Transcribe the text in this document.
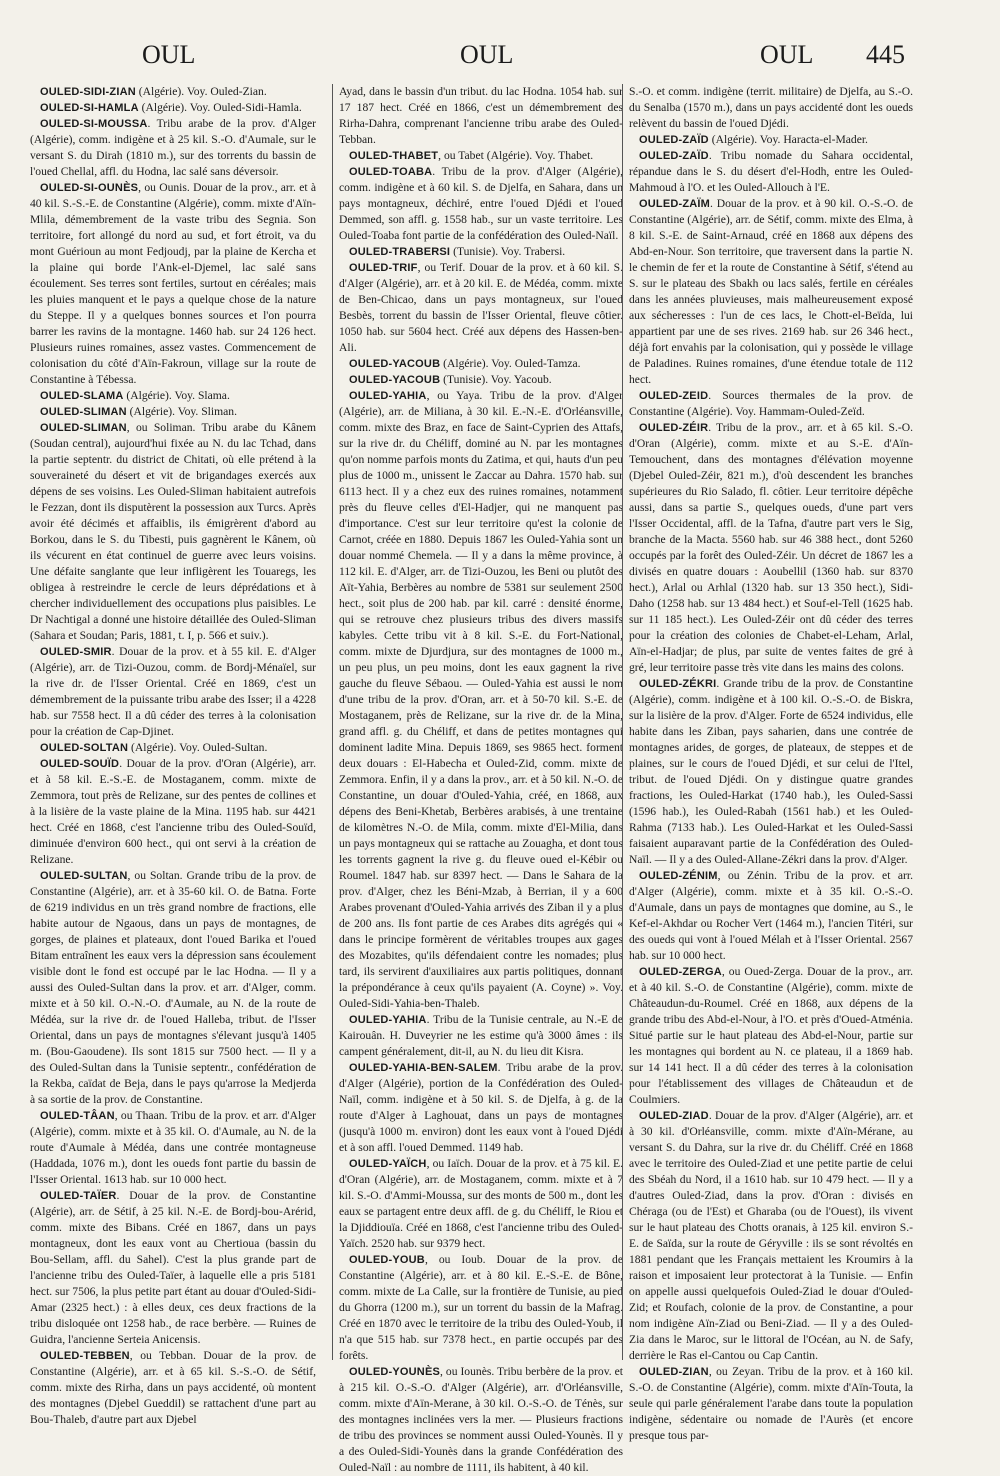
OUL	OUL	OUL 445

OULED-SIDI-ZIAN (Algérie). Voy. Ouled-Zian.

OULED-SI-HAMLA (Algérie). Voy. Ouled-Sidi-Hamla.

OULED-SI-MOUSSA. Tribu arabe de la prov. d'Alger (Algérie), comm. indigène et à 25 kil. S.-O. d'Aumale, sur le versant S. du Dirah (1810 m.), sur des torrents du bassin de l'oued Chellal, affl. du Hodna, lac salé sans déversoir.

OULED-SI-OUNÈS, ou Ounis. Douar de la prov., arr. et à 40 kil. S.-S.-E. de Constantine (Algérie), comm. mixte d'Aïn-Mlila, démembrement de la vaste tribu des Segnia. Son territoire, fort allongé du nord au sud, et fort étroit, va du mont Guérioun au mont Fedjoudj, par la plaine de Kercha et la plaine qui borde l'Ank-el-Djemel, lac salé sans écoulement. Ses terres sont fertiles, surtout en céréales; mais les pluies manquent et le pays a quelque chose de la nature du Steppe. Il y a quelques bonnes sources et l'on pourra barrer les ravins de la montagne. 1460 hab. sur 24 126 hect. Plusieurs ruines romaines, assez vastes. Commencement de colonisation du côté d'Aïn-Fakroun, village sur la route de Constantine à Tébessa.

OULED-SLAMA (Algérie). Voy. Slama.

OULED-SLIMAN (Algérie). Voy. Sliman.

OULED-SLIMAN, ou Soliman. Tribu arabe du Kânem (Soudan central), aujourd'hui fixée au N. du lac Tchad, dans la partie septentr. du district de Chitati, où elle prétend à la souveraineté du désert et vit de brigandages exercés aux dépens de ses voisins. Les Ouled-Sliman habitaient autrefois le Fezzan, dont ils disputèrent la possession aux Turcs. Après avoir été décimés et affaiblis, ils émigrèrent d'abord au Borkou, dans le S. du Tibesti, puis gagnèrent le Kânem, où ils vécurent en état continuel de guerre avec leurs voisins. Une défaite sanglante que leur infligèrent les Touaregs, les obligea à restreindre le cercle de leurs déprédations et à chercher individuellement des occupations plus paisibles. Le Dr Nachtigal a donné une histoire détaillée des Ouled-Sliman (Sahara et Soudan; Paris, 1881, t. I, p. 566 et suiv.).

OULED-SMIR. Douar de la prov. et à 55 kil. E. d'Alger (Algérie), arr. de Tizi-Ouzou, comm. de Bordj-Ménaïel, sur la rive dr. de l'Isser Oriental. Créé en 1869, c'est un démembrement de la puissante tribu arabe des Isser; il a 4228 hab. sur 7558 hect. Il a dû céder des terres à la colonisation pour la création de Cap-Djinet.

OULED-SOLTAN (Algérie). Voy. Ouled-Sultan.

OULED-SOUÏD. Douar de la prov. d'Oran (Algérie), arr. et à 58 kil. E.-S.-E. de Mostaganem, comm. mixte de Zemmora, tout près de Relizane, sur des pentes de collines et à la lisière de la vaste plaine de la Mina. 1195 hab. sur 4421 hect. Créé en 1868, c'est l'ancienne tribu des Ouled-Souïd, diminuée d'environ 600 hect., qui ont servi à la création de Relizane.

OULED-SULTAN, ou Soltan. Grande tribu de la prov. de Constantine (Algérie), arr. et à 35-60 kil. O. de Batna. Forte de 6219 individus en un très grand nombre de fractions, elle habite autour de Ngaous, dans un pays de montagnes, de gorges, de plaines et plateaux, dont l'oued Barika et l'oued Bitam entraînent les eaux vers la dépression sans écoulement visible dont le fond est occupé par le lac Hodna. — Il y a aussi des Ouled-Sultan dans la prov. et arr. d'Alger, comm. mixte et à 50 kil. O.-N.-O. d'Aumale, au N. de la route de Médéa, sur la rive dr. de l'oued Halleba, tribut. de l'Isser Oriental, dans un pays de montagnes s'élevant jusqu'à 1405 m. (Bou-Gaoudene). Ils sont 1815 sur 7500 hect. — Il y a des Ouled-Sultan dans la Tunisie septentr., confédération de la Rekba, caïdat de Beja, dans le pays qu'arrose la Medjerda à sa sortie de la prov. de Constantine.

OULED-TÂAN, ou Thaan. Tribu de la prov. et arr. d'Alger (Algérie), comm. mixte et à 35 kil. O. d'Aumale, au N. de la route d'Aumale à Médéa, dans une contrée montagneuse (Haddada, 1076 m.), dont les oueds font partie du bassin de l'Isser Oriental. 1613 hab. sur 10 000 hect.

OULED-TAÏER. Douar de la prov. de Constantine (Algérie), arr. de Sétif, à 25 kil. N.-E. de Bordj-bou-Arérid, comm. mixte des Bibans. Créé en 1867, dans un pays montagneux, dont les eaux vont au Chertioua (bassin du Bou-Sellam, affl. du Sahel). C'est la plus grande part de l'ancienne tribu des Ouled-Taïer, à laquelle elle a pris 5181 hect. sur 7506, la plus petite part étant au douar d'Ouled-Sidi-Amar (2325 hect.) : à elles deux, ces deux fractions de la tribu disloquée ont 1258 hab., de race berbère. — Ruines de Guidra, l'ancienne Serteia Anicensis.

OULED-TEBBEN, ou Tebban. Douar de la prov. de Constantine (Algérie), arr. et à 65 kil. S.-S.-O. de Sétif, comm. mixte des Rirha, dans un pays accidenté, où montent des montagnes (Djebel Gueddil) se rattachent d'une part au Bou-Thaleb, d'autre part aux Djebel

Ayad, dans le bassin d'un tribut. du lac Hodna. 1054 hab. sur 17 187 hect. Créé en 1866, c'est un démembrement des Rirha-Dahra, comprenant l'ancienne tribu arabe des Ouled-Tebban.

OULED-THABET, ou Tabet (Algérie). Voy. Thabet.

OULED-TOABA. Tribu de la prov. d'Alger (Algérie), comm. indigène et à 60 kil. S. de Djelfa, en Sahara, dans un pays montagneux, déchiré, entre l'oued Djédi et l'oued Demmed, son affl. g. 1558 hab., sur un vaste territoire. Les Ouled-Toaba font partie de la confédération des Ouled-Naïl.

OULED-TRABERSI (Tunisie). Voy. Trabersi.

OULED-TRIF, ou Terif. Douar de la prov. et à 60 kil. S. d'Alger (Algérie), arr. et à 20 kil. E. de Médéa, comm. mixte de Ben-Chicao, dans un pays montagneux, sur l'oued Besbès, torrent du bassin de l'Isser Oriental, fleuve côtier. 1050 hab. sur 5604 hect. Créé aux dépens des Hassen-ben-Ali.

OULED-YACOUB (Algérie). Voy. Ouled-Tamza.

OULED-YACOUB (Tunisie). Voy. Yacoub.

OULED-YAHIA, ou Yaya. Tribu de la prov. d'Alger (Algérie), arr. de Miliana, à 30 kil. E.-N.-E. d'Orléansville, comm. mixte des Braz, en face de Saint-Cyprien des Attafs, sur la rive dr. du Chéliff, dominé au N. par les montagnes qu'on nomme parfois monts du Zatima, et qui, hauts d'un peu plus de 1000 m., unissent le Zaccar au Dahra. 1570 hab. sur 6113 hect. Il y a chez eux des ruines romaines, notamment près du fleuve celles d'El-Hadjer, qui ne manquent pas d'importance. C'est sur leur territoire qu'est la colonie de Carnot, créée en 1880. Depuis 1867 les Ouled-Yahia sont un douar nommé Chemela. — Il y a dans la même province, à 112 kil. E. d'Alger, arr. de Tizi-Ouzou, les Beni ou plutôt des Aït-Yahia, Berbères au nombre de 5381 sur seulement 2500 hect., soit plus de 200 hab. par kil. carré : densité énorme, qui se retrouve chez plusieurs tribus des divers massifs kabyles. Cette tribu vit à 8 kil. S.-E. du Fort-National, comm. mixte de Djurdjura, sur des montagnes de 1000 m., un peu plus, un peu moins, dont les eaux gagnent la rive gauche du fleuve Sébaou. — Ouled-Yahia est aussi le nom d'une tribu de la prov. d'Oran, arr. et à 50-70 kil. S.-E. de Mostaganem, près de Relizane, sur la rive dr. de la Mina, grand affl. g. du Chéliff, et dans de petites montagnes qui dominent ladite Mina. Depuis 1869, ses 9865 hect. forment deux douars : El-Habecha et Ouled-Zid, comm. mixte de Zemmora. Enfin, il y a dans la prov., arr. et à 50 kil. N.-O. de Constantine, un douar d'Ouled-Yahia, créé, en 1868, aux dépens des Beni-Khetab, Berbères arabisés, à une trentaine de kilomètres N.-O. de Mila, comm. mixte d'El-Milia, dans un pays montagneux qui se rattache au Zouagha, et dont tous les torrents gagnent la rive g. du fleuve oued el-Kébir ou Roumel. 1847 hab. sur 8397 hect. — Dans le Sahara de la prov. d'Alger, chez les Béni-Mzab, à Berrian, il y a 600 Arabes provenant d'Ouled-Yahia arrivés des Ziban il y a plus de 200 ans. Ils font partie de ces Arabes dits agrégés qui « dans le principe formèrent de véritables troupes aux gages des Mozabites, qu'ils défendaient contre les nomades; plus tard, ils servirent d'auxiliaires aux partis politiques, donnant la prépondérance à ceux qu'ils payaient (A. Coyne) ». Voy. Ouled-Sidi-Yahia-ben-Thaleb.

OULED-YAHIA. Tribu de la Tunisie centrale, au N.-E de Kairouân. H. Duveyrier ne les estime qu'à 3000 âmes : ils campent généralement, dit-il, au N. du lieu dit Kisra.

OULED-YAHIA-BEN-SALEM. Tribu arabe de la prov. d'Alger (Algérie), portion de la Confédération des Ouled-Naïl, comm. indigène et à 50 kil. S. de Djelfa, à g. de la route d'Alger à Laghouat, dans un pays de montagnes (jusqu'à 1000 m. environ) dont les eaux vont à l'oued Djédi et à son affl. l'oued Demmed. 1149 hab.

OULED-YAÏCH, ou Iaïch. Douar de la prov. et à 75 kil. E. d'Oran (Algérie), arr. de Mostaganem, comm. mixte et à 7 kil. S.-O. d'Ammi-Moussa, sur des monts de 500 m., dont les eaux se partagent entre deux affl. de g. du Chéliff, le Riou et la Djiddiouïa. Créé en 1868, c'est l'ancienne tribu des Ouled-Yaïch. 2520 hab. sur 9379 hect.

OULED-YOUB, ou Ioub. Douar de la prov. de Constantine (Algérie), arr. et à 80 kil. E.-S.-E. de Bône, comm. mixte de La Calle, sur la frontière de Tunisie, au pied du Ghorra (1200 m.), sur un torrent du bassin de la Mafrag. Créé en 1870 avec le territoire de la tribu des Ouled-Youb, il n'a que 515 hab. sur 7378 hect., en partie occupés par des forêts.

OULED-YOUNÈS, ou Iounès. Tribu berbère de la prov. et à 215 kil. O.-S.-O. d'Alger (Algérie), arr. d'Orléansville, comm. mixte d'Aïn-Merane, à 30 kil. O.-S.-O. de Ténès, sur des montagnes inclinées vers la mer. — Plusieurs fractions de tribu des provinces se nomment aussi Ouled-Younès. Il y a des Ouled-Sidi-Younès dans la grande Confédération des Ouled-Naïl : au nombre de 1111, ils habitent, à 40 kil.

S.-O. et comm. indigène (territ. militaire) de Djelfa, au S.-O. du Senalba (1570 m.), dans un pays accidenté dont les oueds relèvent du bassin de l'oued Djédi.

OULED-ZAÏD (Algérie). Voy. Haracta-el-Mader.

OULED-ZAÏD. Tribu nomade du Sahara occidental, répandue dans le S. du désert d'el-Hodh, entre les Ouled-Mahmoud à l'O. et les Ouled-Allouch à l'E.

OULED-ZAÏM. Douar de la prov. et à 90 kil. O.-S.-O. de Constantine (Algérie), arr. de Sétif, comm. mixte des Elma, à 8 kil. S.-E. de Saint-Arnaud, créé en 1868 aux dépens des Abd-en-Nour. Son territoire, que traversent dans la partie N. le chemin de fer et la route de Constantine à Sétif, s'étend au S. sur le plateau des Sbakh ou lacs salés, fertile en céréales dans les années pluvieuses, mais malheureusement exposé aux sécheresses : l'un de ces lacs, le Chott-el-Beïda, lui appartient par une de ses rives. 2169 hab. sur 26 346 hect., déjà fort envahis par la colonisation, qui y possède le village de Paladines. Ruines romaines, d'une étendue totale de 112 hect.

OULED-ZEID. Sources thermales de la prov. de Constantine (Algérie). Voy. Hammam-Ouled-Zeïd.

OULED-ZÉIR. Tribu de la prov., arr. et à 65 kil. S.-O. d'Oran (Algérie), comm. mixte et au S.-E. d'Aïn-Temouchent, dans des montagnes d'élévation moyenne (Djebel Ouled-Zéir, 821 m.), d'où descendent les branches supérieures du Rio Salado, fl. côtier. Leur territoire dépêche aussi, dans sa partie S., quelques oueds, d'une part vers l'Isser Occidental, affl. de la Tafna, d'autre part vers le Sig, branche de la Macta. 5560 hab. sur 46 388 hect., dont 5260 occupés par la forêt des Ouled-Zéir. Un décret de 1867 les a divisés en quatre douars : Aoubellil (1360 hab. sur 8370 hect.), Arlal ou Arhlal (1320 hab. sur 13 350 hect.), Sidi-Daho (1258 hab. sur 13 484 hect.) et Souf-el-Tell (1625 hab. sur 11 185 hect.). Les Ouled-Zéir ont dû céder des terres pour la création des colonies de Chabet-el-Leham, Arlal, Aïn-el-Hadjar; de plus, par suite de ventes faites de gré à gré, leur territoire passe très vite dans les mains des colons.

OULED-ZÉKRI. Grande tribu de la prov. de Constantine (Algérie), comm. indigène et à 100 kil. O.-S.-O. de Biskra, sur la lisière de la prov. d'Alger. Forte de 6524 individus, elle habite dans les Ziban, pays saharien, dans une contrée de montagnes arides, de gorges, de plateaux, de steppes et de plaines, sur le cours de l'oued Djédi, et sur celui de l'Itel, tribut. de l'oued Djédi. On y distingue quatre grandes fractions, les Ouled-Harkat (1740 hab.), les Ouled-Sassi (1596 hab.), les Ouled-Rabah (1561 hab.) et les Ouled-Rahma (7133 hab.). Les Ouled-Harkat et les Ouled-Sassi faisaient auparavant partie de la Confédération des Ouled-Naïl. — Il y a des Ouled-Allane-Zékri dans la prov. d'Alger.

OULED-ZÉNIM, ou Zénin. Tribu de la prov. et arr. d'Alger (Algérie), comm. mixte et à 35 kil. O.-S.-O. d'Aumale, dans un pays de montagnes que domine, au S., le Kef-el-Akhdar ou Rocher Vert (1464 m.), l'ancien Titéri, sur des oueds qui vont à l'oued Mélah et à l'Isser Oriental. 2567 hab. sur 10 000 hect.

OULED-ZERGA, ou Oued-Zerga. Douar de la prov., arr. et à 40 kil. S.-O. de Constantine (Algérie), comm. mixte de Châteaudun-du-Roumel. Créé en 1868, aux dépens de la grande tribu des Abd-el-Nour, à l'O. et près d'Oued-Atménia. Situé partie sur le haut plateau des Abd-el-Nour, partie sur les montagnes qui bordent au N. ce plateau, il a 1869 hab. sur 14 141 hect. Il a dû céder des terres à la colonisation pour l'établissement des villages de Châteaudun et de Coulmiers.

OULED-ZIAD. Douar de la prov. d'Alger (Algérie), arr. et à 30 kil. d'Orléansville, comm. mixte d'Aïn-Mérane, au versant S. du Dahra, sur la rive dr. du Chéliff. Créé en 1868 avec le territoire des Ouled-Ziad et une petite partie de celui des Sbéah du Nord, il a 1610 hab. sur 10 479 hect. — Il y a d'autres Ouled-Ziad, dans la prov. d'Oran : divisés en Chéraga (ou de l'Est) et Gharaba (ou de l'Ouest), ils vivent sur le haut plateau des Chotts oranais, à 125 kil. environ S.-E. de Saïda, sur la route de Géryville : ils se sont révoltés en 1881 pendant que les Français mettaient les Kroumirs à la raison et imposaient leur protectorat à la Tunisie. — Enfin on appelle aussi quelquefois Ouled-Ziad le douar d'Ouled-Zid; et Roufach, colonie de la prov. de Constantine, a pour nom indigène Aïn-Ziad ou Beni-Ziad. — Il y a des Ouled-Zia dans le Maroc, sur le littoral de l'Océan, au N. de Safy, derrière le Ras el-Cantou ou Cap Cantin.

OULED-ZIAN, ou Zeyan. Tribu de la prov. et à 160 kil. S.-O. de Constantine (Algérie), comm. mixte d'Aïn-Touta, la seule qui parle généralement l'arabe dans toute la population indigène, sédentaire ou nomade de l'Aurès (et encore presque tous par-
